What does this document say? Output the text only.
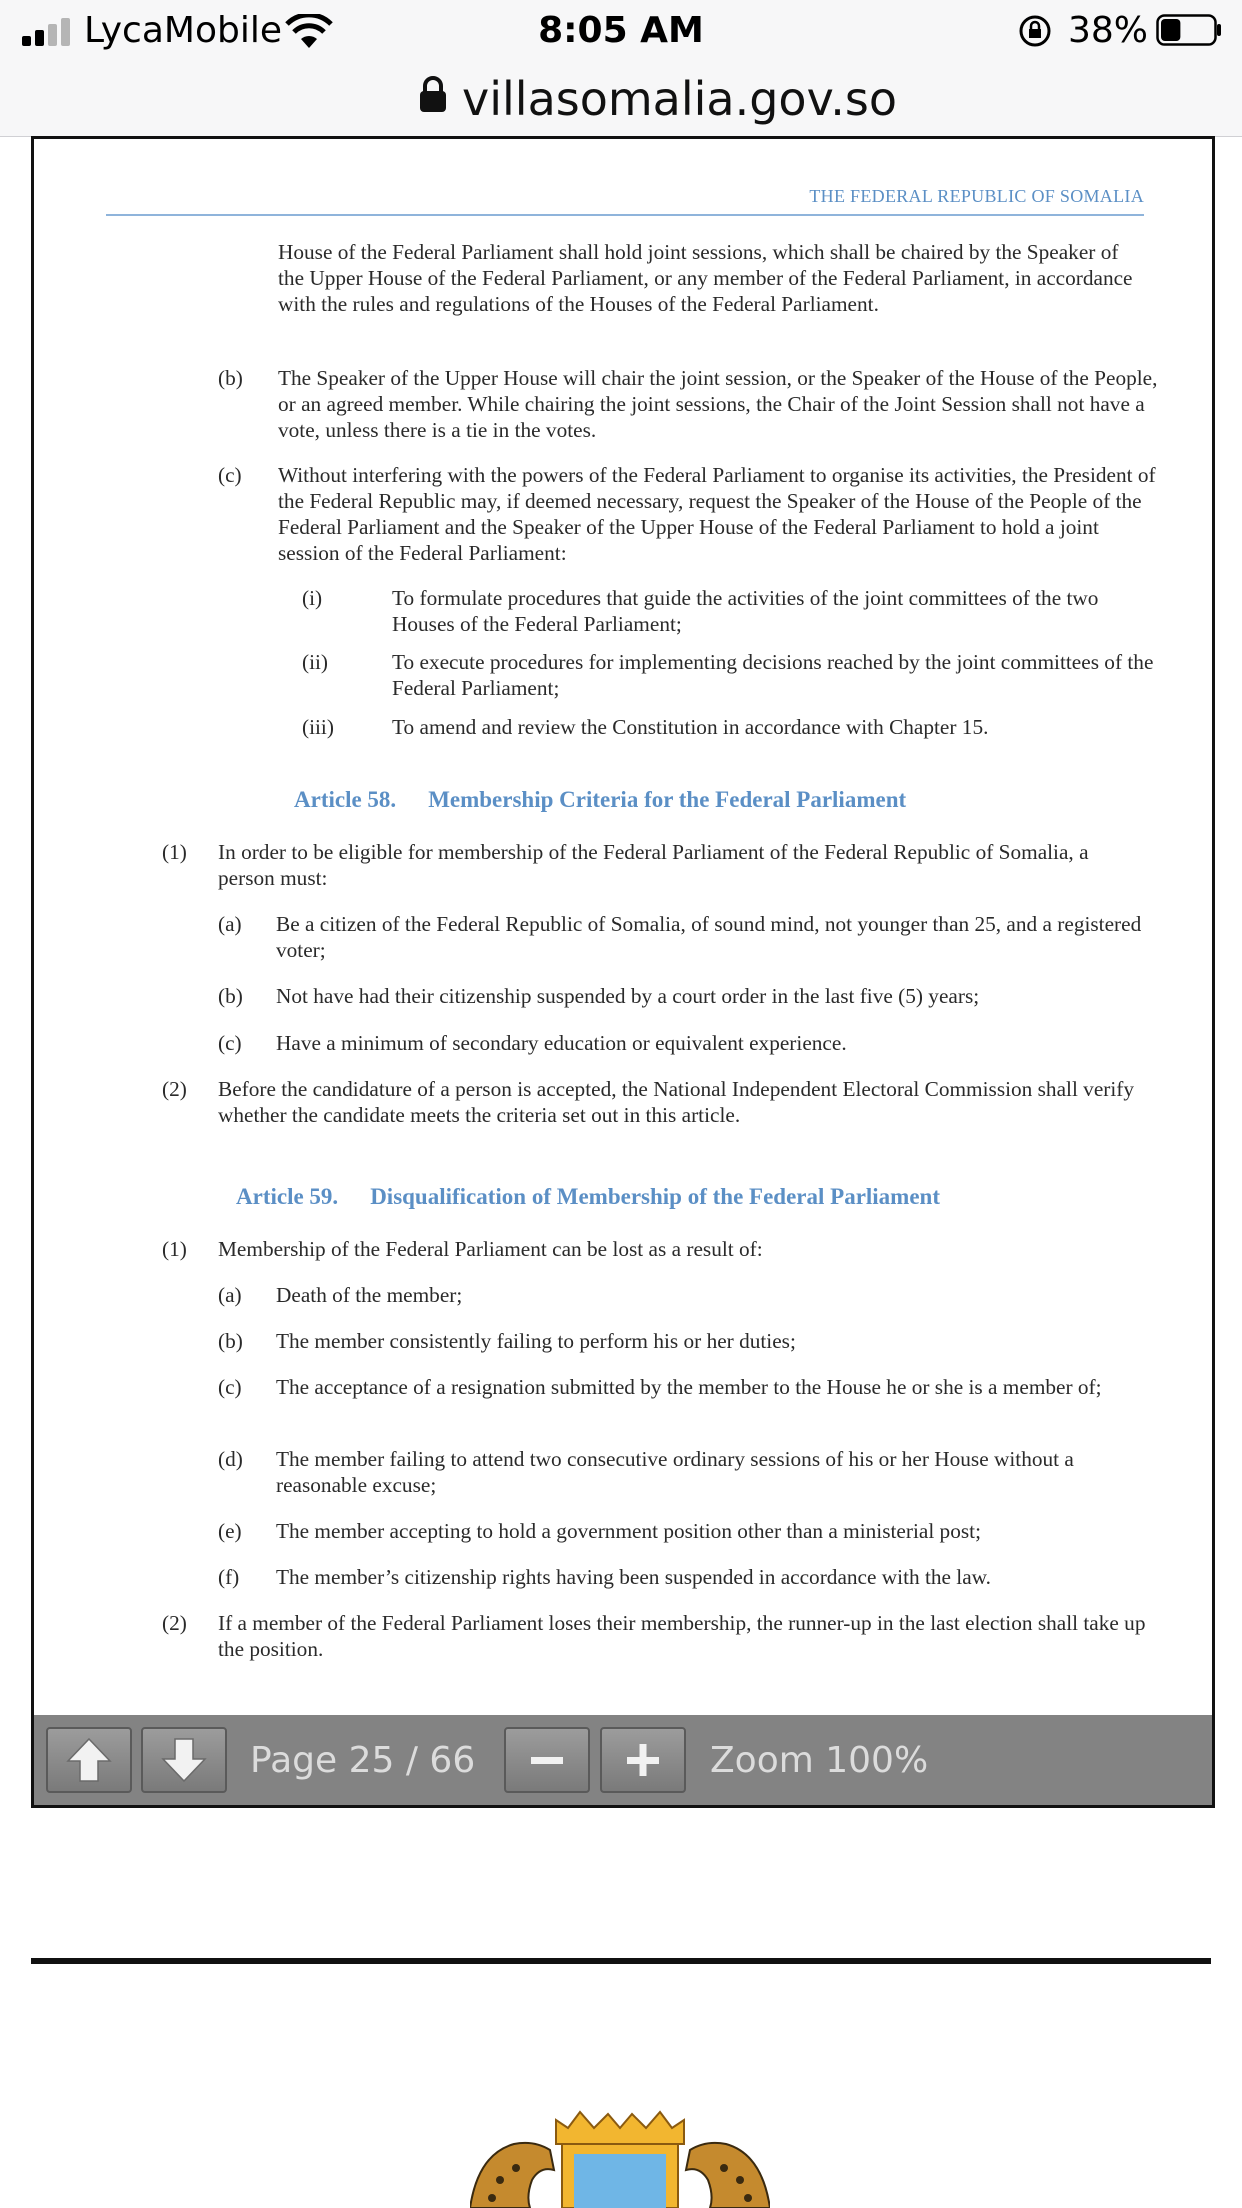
LycaMobile	8:05 AM	38%
villasomalia.gov.so
THE FEDERAL REPUBLIC OF SOMALIA

House of the Federal Parliament shall hold joint sessions, which shall be chaired by the Speaker of the Upper House of the Federal Parliament, or any member of the Federal Parliament, in accordance with the rules and regulations of the Houses of the Federal Parliament.

(b) The Speaker of the Upper House will chair the joint session, or the Speaker of the House of the People, or an agreed member. While chairing the joint sessions, the Chair of the Joint Session shall not have a vote, unless there is a tie in the votes.

(c) Without interfering with the powers of the Federal Parliament to organise its activities, the President of the Federal Republic may, if deemed necessary, request the Speaker of the House of the People of the Federal Parliament and the Speaker of the Upper House of the Federal Parliament to hold a joint session of the Federal Parliament:

(i)	To formulate procedures that guide the activities of the joint committees of the two Houses of the Federal Parliament;

(ii)	To execute procedures for implementing decisions reached by the joint committees of the Federal Parliament;

(iii)	To amend and review the Constitution in accordance with Chapter 15.

Article 58. Membership Criteria for the Federal Parliament

(1) In order to be eligible for membership of the Federal Parliament of the Federal Republic of Somalia, a person must:

(a) Be a citizen of the Federal Republic of Somalia, of sound mind, not younger than 25, and a registered voter;

(b) Not have had their citizenship suspended by a court order in the last five (5) years;

(c) Have a minimum of secondary education or equivalent experience.

(2) Before the candidature of a person is accepted, the National Independent Electoral Commission shall verify whether the candidate meets the criteria set out in this article.

Article 59. Disqualification of Membership of the Federal Parliament

(1) Membership of the Federal Parliament can be lost as a result of:

(a) Death of the member;

(b) The member consistently failing to perform his or her duties;

(c) The acceptance of a resignation submitted by the member to the House he or she is a member of;

(d) The member failing to attend two consecutive ordinary sessions of his or her House without a reasonable excuse;

(e) The member accepting to hold a government position other than a ministerial post;

(f) The member’s citizenship rights having been suspended in accordance with the law.

(2) If a member of the Federal Parliament loses their membership, the runner-up in the last election shall take up the position.

Page 25 / 66	Zoom 100%
